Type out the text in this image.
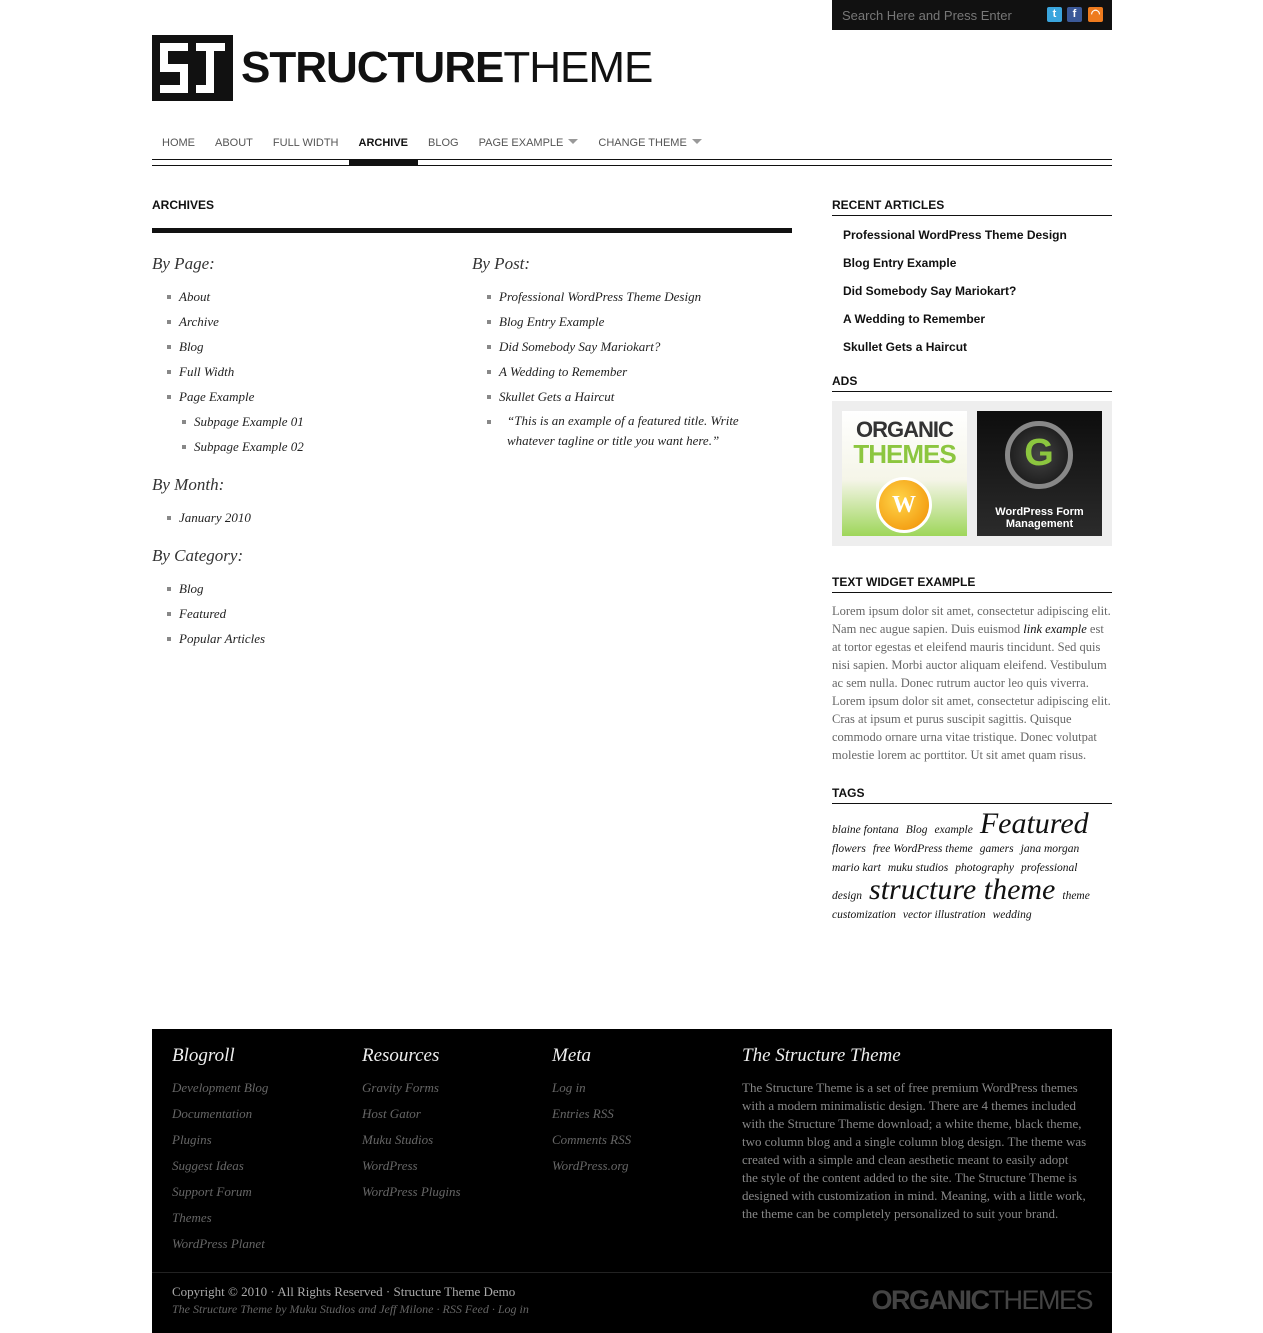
Search Here and Press Enter
t	f	◠
STRUCTURETHEME
HOME	ABOUT	FULL WIDTH	ARCHIVE	BLOG	PAGE EXAMPLE	CHANGE THEME
ARCHIVES
By Page:
About
Archive
Blog
Full Width
Page Example
Subpage Example 01
Subpage Example 02
By Month:
January 2010
By Category:
Blog
Featured
Popular Articles
By Post:
Professional WordPress Theme Design
Blog Entry Example
Did Somebody Say Mariokart?
A Wedding to Remember
Skullet Gets a Haircut
“This is an example of a featured title. Write whatever tagline or title you want here.”
RECENT ARTICLES
Professional WordPress Theme Design
Blog Entry Example
Did Somebody Say Mariokart?
A Wedding to Remember
Skullet Gets a Haircut
ADS
ORGANIC
THEMES
W
G
WordPress Form
Management
TEXT WIDGET EXAMPLE

Lorem ipsum dolor sit amet, consectetur adipiscing elit. Nam nec augue sapien. Duis euismod link example est at tortor egestas et eleifend mauris tincidunt. Sed quis nisi sapien. Morbi auctor aliquam eleifend. Vestibulum ac sem nulla. Donec rutrum auctor leo quis viverra. Lorem ipsum dolor sit amet, consectetur adipiscing elit. Cras at ipsum et purus suscipit sagittis. Quisque commodo ornare urna vitae tristique. Donec volutpat molestie lorem ac porttitor. Ut sit amet quam risus.

TAGS
blaine fontana Blog example Featured flowers free WordPress theme gamers jana morgan mario kart muku studios photography professional design structure theme theme customization vector illustration wedding
Blogroll
Development Blog
Documentation
Plugins
Suggest Ideas
Support Forum
Themes
WordPress Planet
Resources
Gravity Forms
Host Gator
Muku Studios
WordPress
WordPress Plugins
Meta
Log in
Entries RSS
Comments RSS
WordPress.org
The Structure Theme

The Structure Theme is a set of free premium WordPress themes with a modern minimalistic design. There are 4 themes included with the Structure Theme download; a white theme, black theme, two column blog and a single column blog design. The theme was created with a simple and clean aesthetic meant to easily adopt the style of the content added to the site. The Structure Theme is designed with customization in mind. Meaning, with a little work, the theme can be completely personalized to suit your brand.

Copyright © 2010 · All Rights Reserved · Structure Theme Demo
The Structure Theme by Muku Studios and Jeff Milone · RSS Feed · Log in	ORGANICTHEMES
